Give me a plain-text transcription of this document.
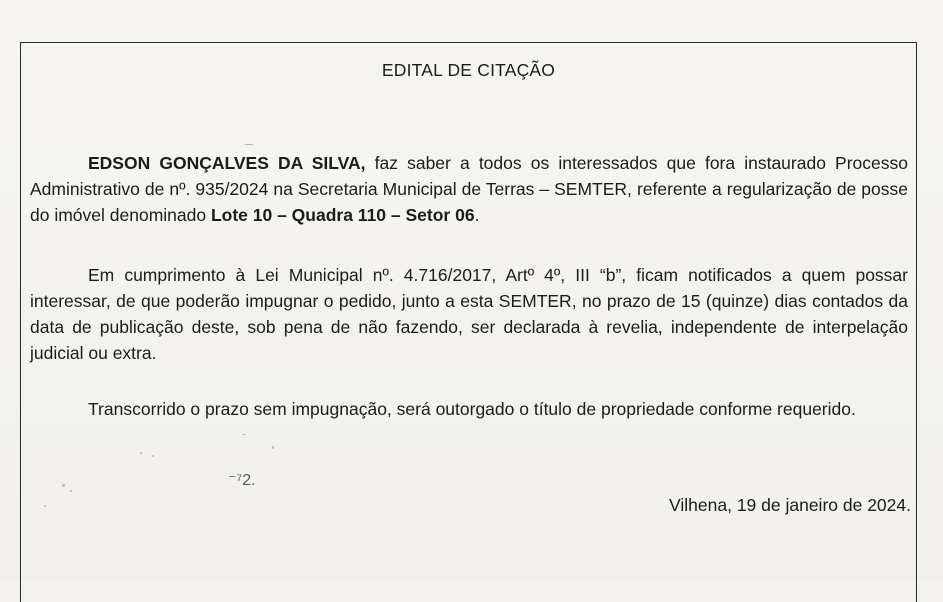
EDITAL DE CITAÇÃO

EDSON GONÇALVES DA SILVA, faz saber a todos os interessados que fora instaurado Processo Administrativo de nº. 935/2024 na Secretaria Municipal de Terras – SEMTER, referente a regularização de posse do imóvel denominado Lote 10 – Quadra 110 – Setor 06.

Em cumprimento à Lei Municipal nº. 4.716/2017, Artº 4º, III “b”, ficam notificados a quem possar interessar, de que poderão impugnar o pedido, junto a esta SEMTER, no prazo de 15 (quinze) dias contados da data de publicação deste, sob pena de não fazendo, ser declarada à revelia, independente de interpelação judicial ou extra.

Transcorrido o prazo sem impugnação, será outorgado o título de propriedade conforme requerido.

⁻⁷2.
Vilhena, 19 de janeiro de 2024.
